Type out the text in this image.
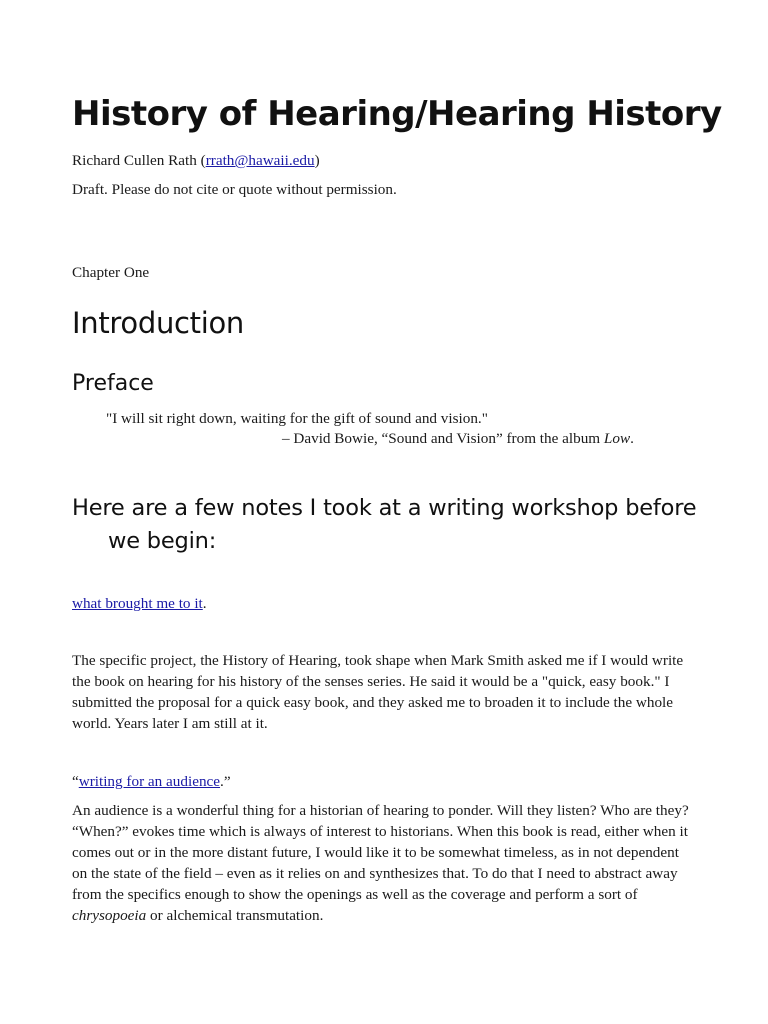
History of Hearing/Hearing History
Richard Cullen Rath (rrath@hawaii.edu)
Draft. Please do not cite or quote without permission.
Chapter One
Introduction
Preface
"I will sit right down, waiting for the gift of sound and vision."
– David Bowie, “Sound and Vision” from the album Low.
Here are a few notes I took at a writing workshop before we begin:
what brought me to it.

The specific project, the History of Hearing, took shape when Mark Smith asked me if I would write the book on hearing for his history of the senses series. He said it would be a "quick, easy book." I submitted the proposal for a quick easy book, and they asked me to broaden it to include the whole world. Years later I am still at it.

“writing for an audience.”

An audience is a wonderful thing for a historian of hearing to ponder. Will they listen? Who are they? “When?” evokes time which is always of interest to historians. When this book is read, either when it comes out or in the more distant future, I would like it to be somewhat timeless, as in not dependent on the state of the field – even as it relies on and synthesizes that. To do that I need to abstract away from the specifics enough to show the openings as well as the coverage and perform a sort of chrysopoeia or alchemical transmutation.
